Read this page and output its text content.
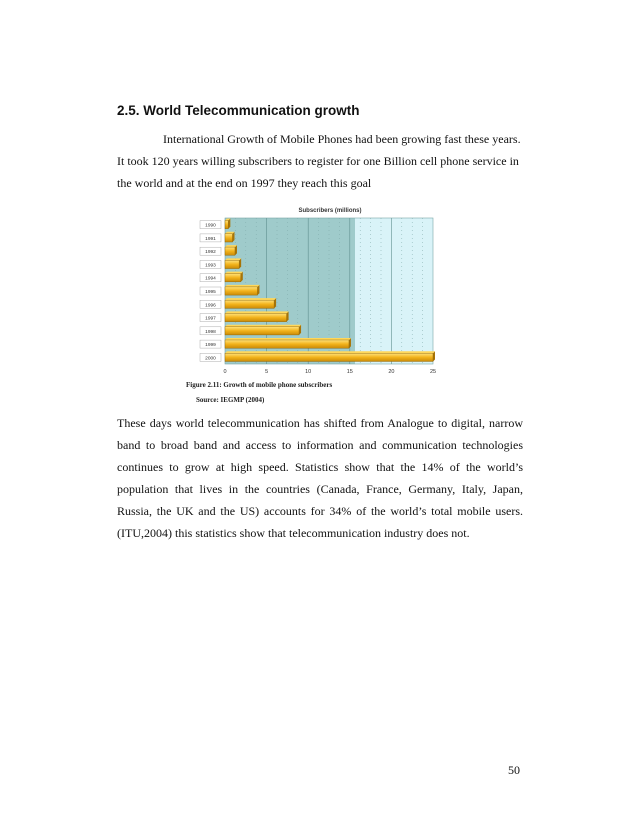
2.5. World Telecommunication growth

International Growth of Mobile Phones had been growing fast these years. It took 120 years willing subscribers to register for one Billion cell phone service in the world and at the end on 1997 they reach this goal

Subscribers (millions)
0	5	10	15	20	25
1990
1991
1992
1993
1994
1995
1996
1997
1998
1999
2000
Figure 2.11: Growth of mobile phone subscribers
Source: IEGMP (2004)

These days world telecommunication has shifted from Analogue to digital, narrow band to broad band and access to information and communication technologies continues to grow at high speed. Statistics show that the 14% of the world’s population that lives in the countries (Canada, France, Germany, Italy, Japan, Russia, the UK and the US) accounts for 34% of the world’s total mobile users.(ITU,2004) this statistics show that telecommunication industry does not.

50
